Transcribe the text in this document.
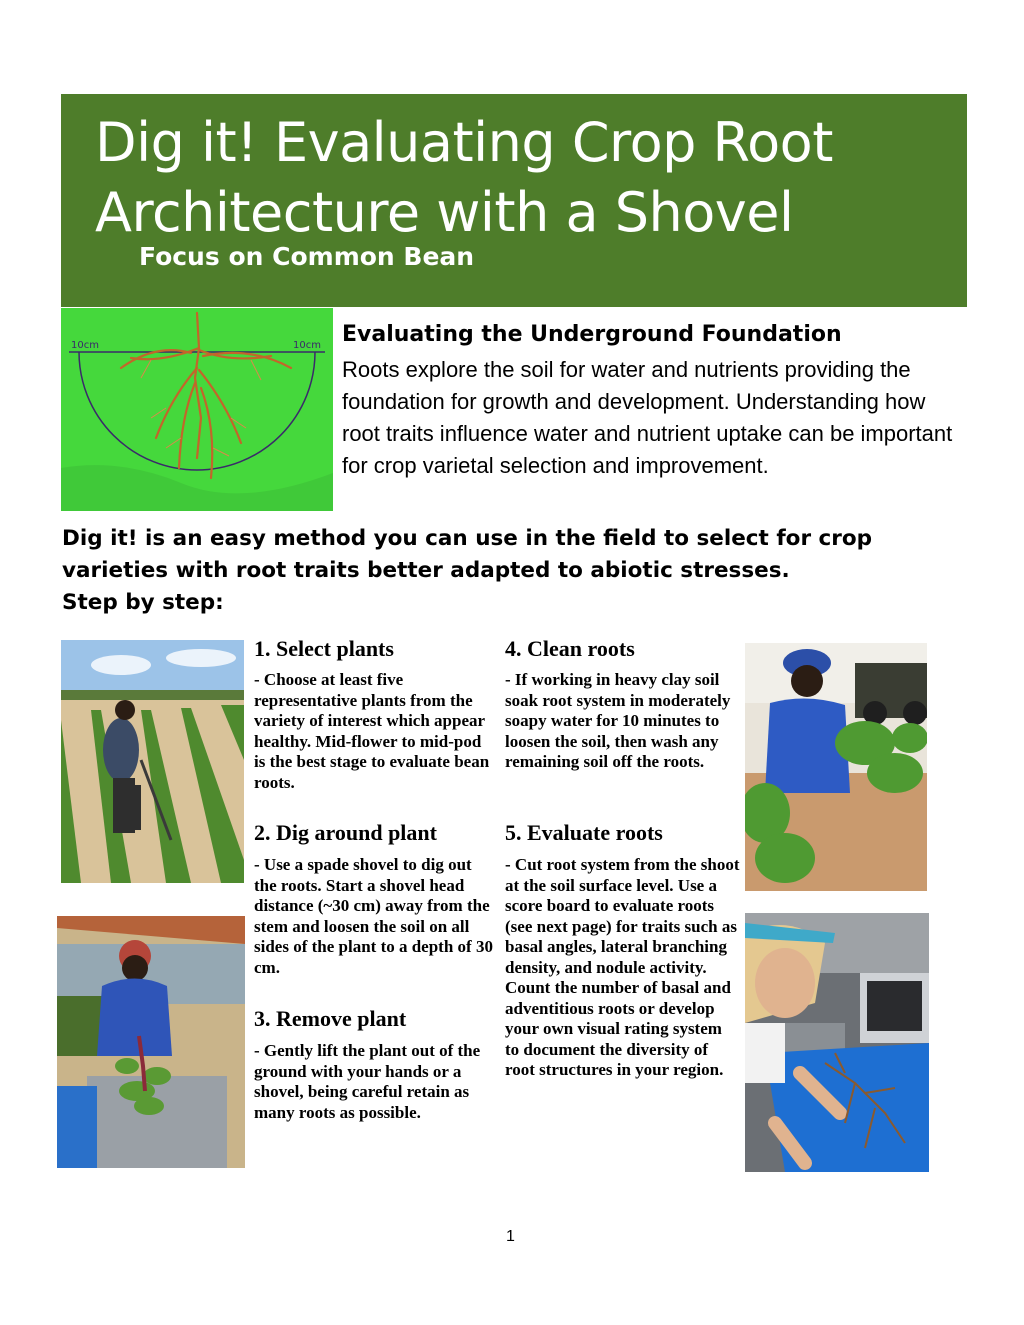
Dig it! Evaluating Crop Root
Architecture with a Shovel
Focus on Common Bean
10cm	10cm Evaluating the Underground Foundation
Roots explore the soil for water and nutrients providing the foundation for growth and development. Understanding how root traits influence water and nutrient uptake can be important for crop varietal selection and improvement.
Dig it! is an easy method you can use in the field to select for crop
varieties with root traits better adapted to abiotic stresses.
Step by step:
1. Select plants
- Choose at least five representative plants from the variety of interest which appear healthy. Mid-flower to mid-pod is the best stage to evaluate bean roots.
2. Dig around plant
- Use a spade shovel to dig out the roots. Start a shovel head distance (~30 cm) away from the stem and loosen the soil on all sides of the plant to a depth of 30 cm.
3. Remove plant
- Gently lift the plant out of the ground with your hands or a shovel, being careful retain as many roots as possible.
4. Clean roots
- If working in heavy clay soil soak root system in moderately soapy water for 10 minutes to loosen the soil, then wash any remaining soil off the roots.
5. Evaluate roots
- Cut root system from the shoot at the soil surface level. Use a score board to evaluate roots (see next page) for traits such as basal angles, lateral branching density, and nodule activity. Count the number of basal and adventitious roots or develop your own visual rating system to document the diversity of root structures in your region.
1
